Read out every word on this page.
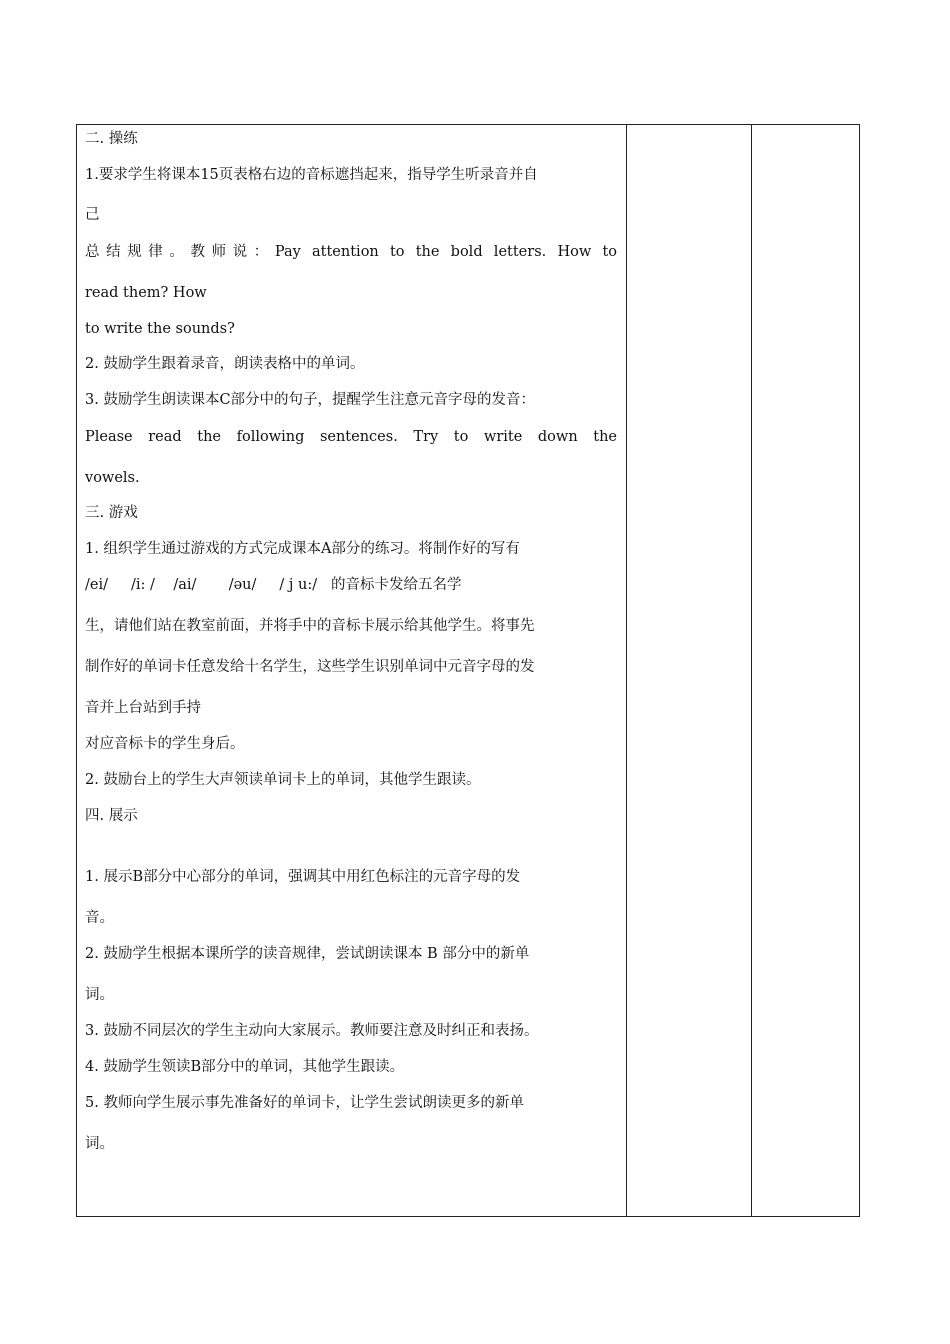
二. 操练
1.要求学生将课本15页表格右边的音标遮挡起来，指导学生听录音并自
己
总结规律。教师说：Pay attention to the bold letters. How to
read them? How
to write the sounds?
2. 鼓励学生跟着录音，朗读表格中的单词。
3. 鼓励学生朗读课本C部分中的句子，提醒学生注意元音字母的发音：
Please read the following sentences. Try to write down the
vowels.
三. 游戏
1. 组织学生通过游戏的方式完成课本A部分的练习。将制作好的写有
/ei/     /i: /    /ai/       /əu/     / j u:/   的音标卡发给五名学
生，请他们站在教室前面，并将手中的音标卡展示给其他学生。将事先
制作好的单词卡任意发给十名学生，这些学生识别单词中元音字母的发
音并上台站到手持
对应音标卡的学生身后。
2. 鼓励台上的学生大声领读单词卡上的单词，其他学生跟读。
四. 展示
1. 展示B部分中心部分的单词，强调其中用红色标注的元音字母的发
音。
2. 鼓励学生根据本课所学的读音规律，尝试朗读课本 B 部分中的新单
词。
3. 鼓励不同层次的学生主动向大家展示。教师要注意及时纠正和表扬。
4. 鼓励学生领读B部分中的单词，其他学生跟读。
5. 教师向学生展示事先准备好的单词卡，让学生尝试朗读更多的新单
词。
